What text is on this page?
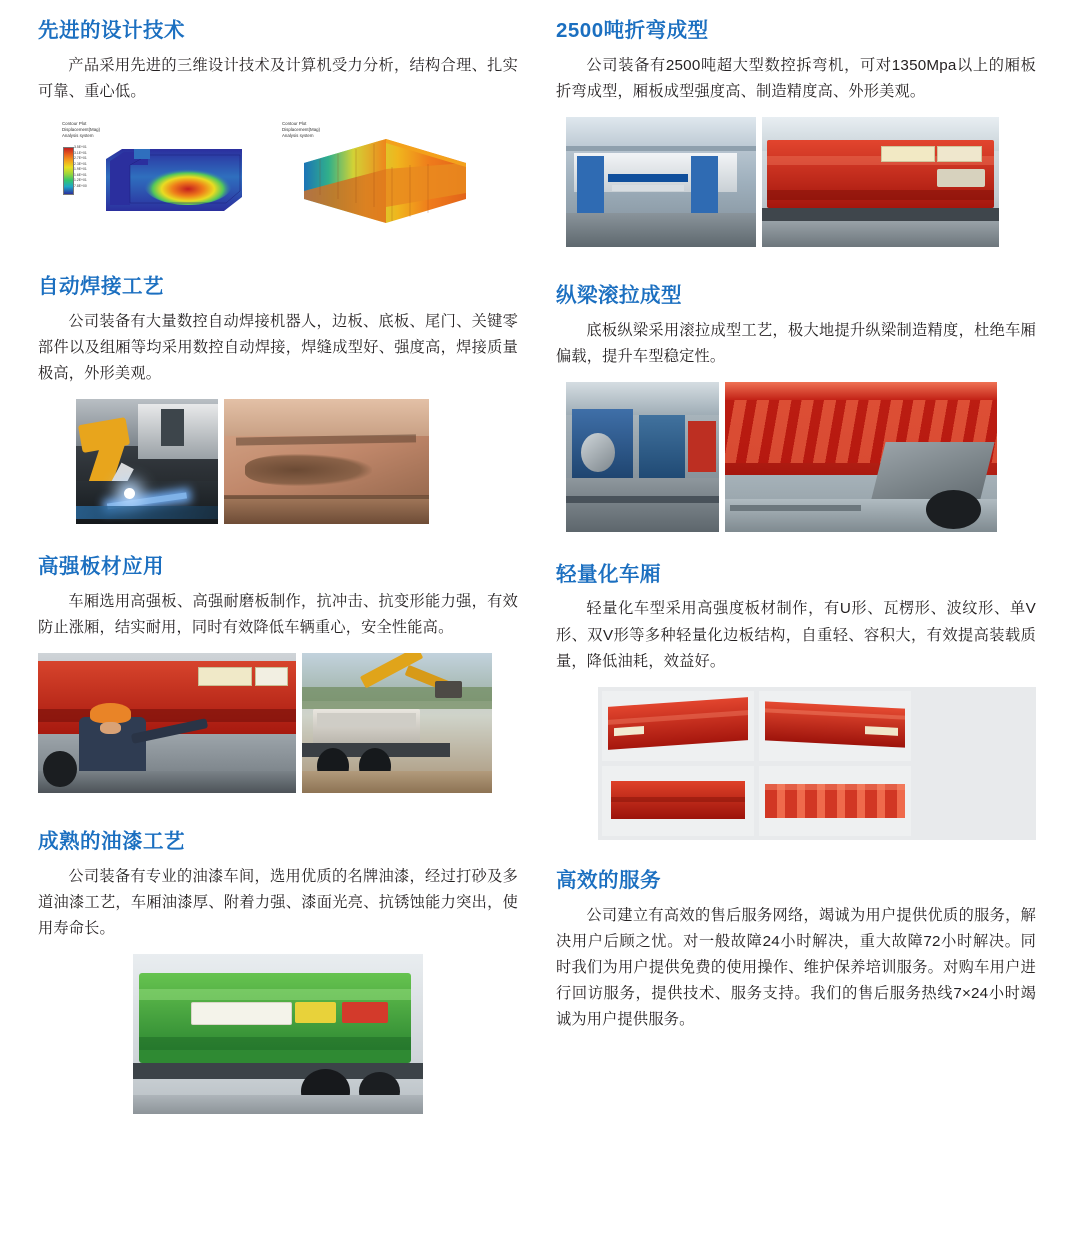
先进的设计技术

产品采用先进的三维设计技术及计算机受力分析，结构合理、扎实可靠、重心低。

Contour Plot
Displacement(Mag)
Analysis system
3.5E+01
3.1E+01
2.7E+01
2.3E+01
1.9E+01
1.6E+01
1.2E+01
7.8E+00
Contour Plot
Displacement(Mag)
Analysis system
自动焊接工艺

公司装备有大量数控自动焊接机器人，边板、底板、尾门、关键零部件以及组厢等均采用数控自动焊接，焊缝成型好、强度高，焊接质量极高，外形美观。

高强板材应用

车厢选用高强板、高强耐磨板制作，抗冲击、抗变形能力强，有效防止涨厢，结实耐用，同时有效降低车辆重心，安全性能高。

成熟的油漆工艺

公司装备有专业的油漆车间，选用优质的名牌油漆，经过打砂及多道油漆工艺，车厢油漆厚、附着力强、漆面光亮、抗锈蚀能力突出，使用寿命长。

2500吨折弯成型

公司装备有2500吨超大型数控拆弯机，可对1350Mpa以上的厢板折弯成型，厢板成型强度高、制造精度高、外形美观。

纵梁滚拉成型

底板纵梁采用滚拉成型工艺，极大地提升纵梁制造精度，杜绝车厢偏载，提升车型稳定性。

轻量化车厢

轻量化车型采用高强度板材制作，有U形、瓦楞形、波纹形、单V形、双V形等多种轻量化边板结构，自重轻、容积大，有效提高装载质量，降低油耗，效益好。

高效的服务

公司建立有高效的售后服务网络，竭诚为用户提供优质的服务，解决用户后顾之忧。对一般故障24小时解决，重大故障72小时解决。同时我们为用户提供免费的使用操作、维护保养培训服务。对购车用户进行回访服务，提供技术、服务支持。我们的售后服务热线7×24小时竭诚为用户提供服务。
